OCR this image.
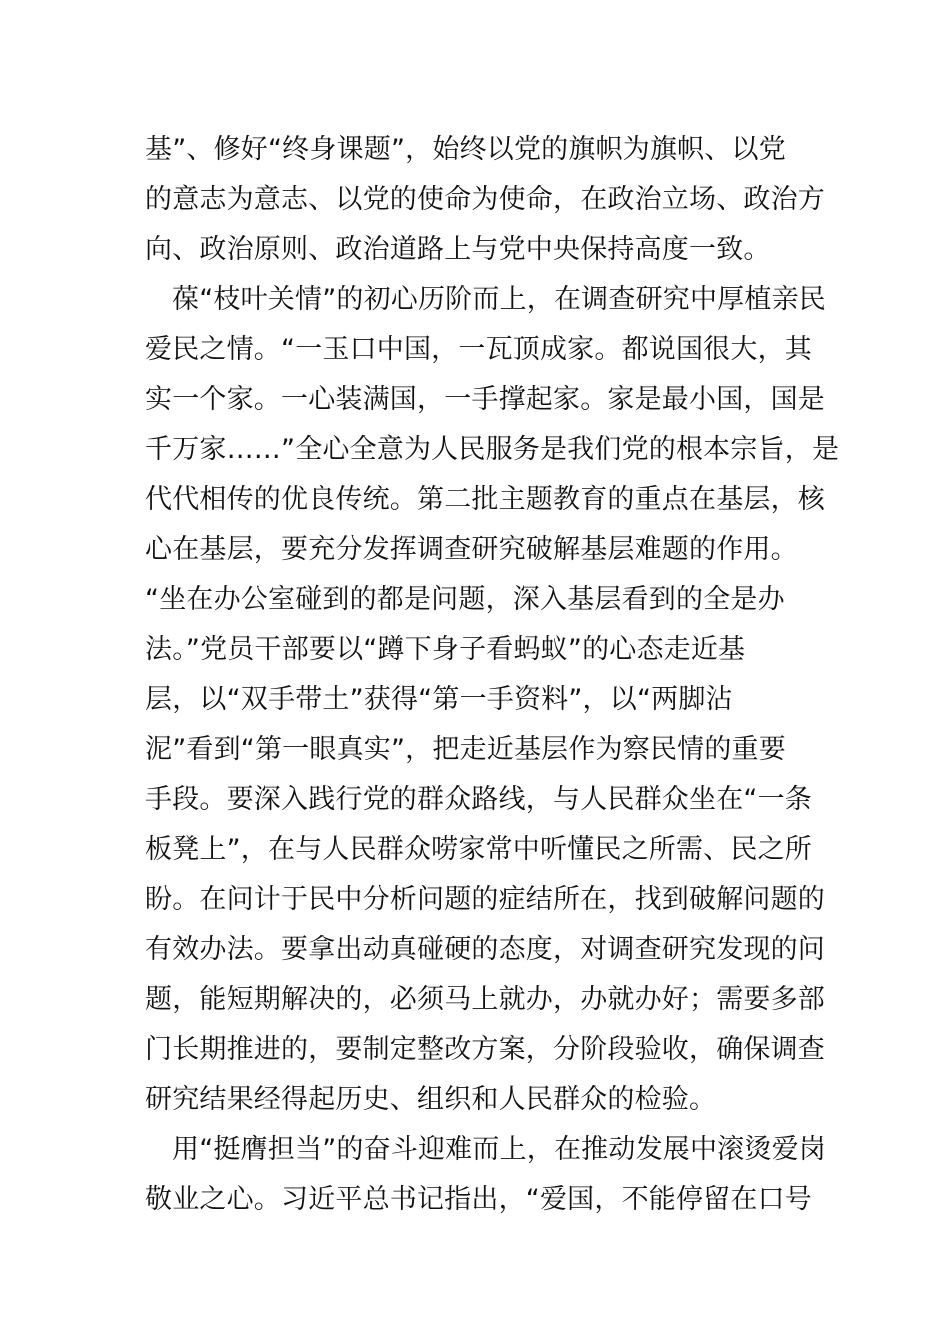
基”、修好“终身课题”，始终以党的旗帜为旗帜、以党
的意志为意志、以党的使命为使命，在政治立场、政治方
向、政治原则、政治道路上与党中央保持高度一致。
葆“枝叶关情”的初心历阶而上，在调查研究中厚植亲民
爱民之情。“一玉口中国，一瓦顶成家。都说国很大，其
实一个家。一心装满国，一手撑起家。家是最小国，国是
千万家……”全心全意为人民服务是我们党的根本宗旨，是
代代相传的优良传统。第二批主题教育的重点在基层，核
心在基层，要充分发挥调查研究破解基层难题的作用。
“坐在办公室碰到的都是问题，深入基层看到的全是办
法。”党员干部要以“蹲下身子看蚂蚁”的心态走近基
层，以“双手带土”获得“第一手资料”，以“两脚沾
泥”看到“第一眼真实”，把走近基层作为察民情的重要
手段。要深入践行党的群众路线，与人民群众坐在“一条
板凳上”，在与人民群众唠家常中听懂民之所需、民之所
盼。在问计于民中分析问题的症结所在，找到破解问题的
有效办法。要拿出动真碰硬的态度，对调查研究发现的问
题，能短期解决的，必须马上就办，办就办好；需要多部
门长期推进的，要制定整改方案，分阶段验收，确保调查
研究结果经得起历史、组织和人民群众的检验。
用“挺膺担当”的奋斗迎难而上，在推动发展中滚烫爱岗
敬业之心。习近平总书记指出，“爱国，不能停留在口号
